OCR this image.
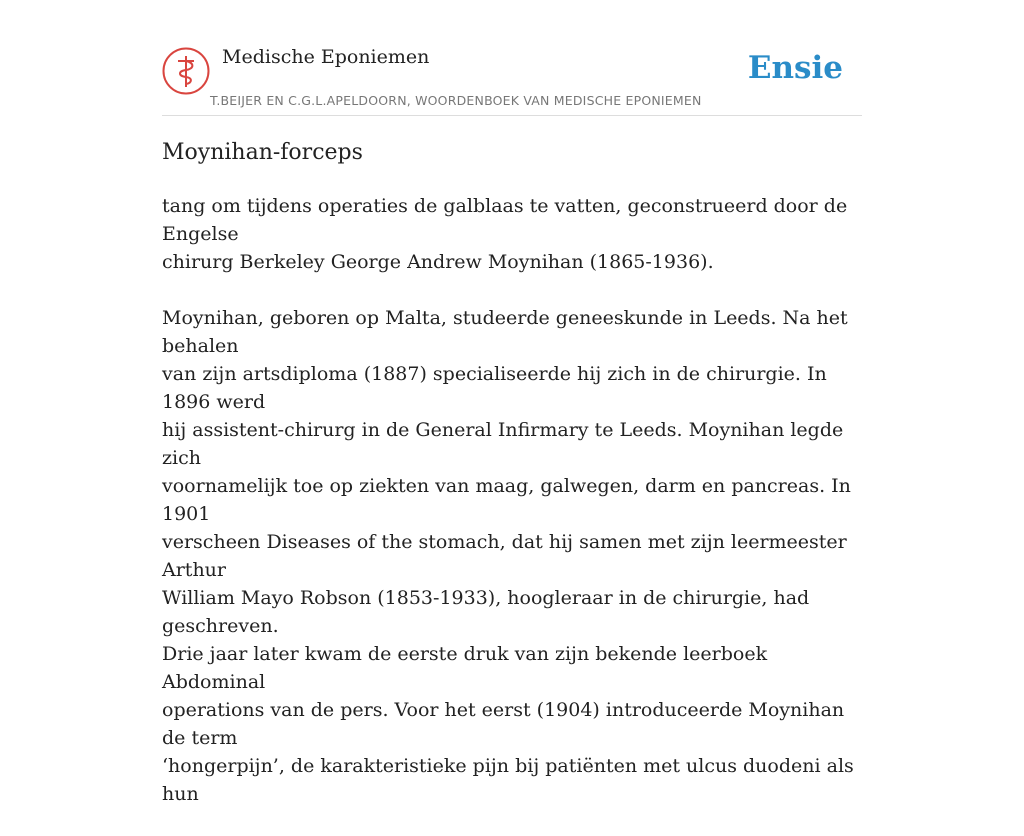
Medische Eponiemen
T.BEIJER EN C.G.L.APELDOORN, WOORDENBOEK VAN MEDISCHE EPONIEMEN
Ensie
Moynihan-forceps

tang om tijdens operaties de galblaas te vatten, geconstrueerd door de Engelse
chirurg Berkeley George Andrew Moynihan (1865-1936).

Moynihan, geboren op Malta, studeerde geneeskunde in Leeds. Na het behalen
van zijn artsdiploma (1887) specialiseerde hij zich in de chirurgie. In 1896 werd
hij assistent-chirurg in de General Infirmary te Leeds. Moynihan legde zich
voornamelijk toe op ziekten van maag, galwegen, darm en pancreas. In 1901
verscheen Diseases of the stomach, dat hij samen met zijn leermeester Arthur
William Mayo Robson (1853-1933), hoogleraar in de chirurgie, had geschreven.
Drie jaar later kwam de eerste druk van zijn bekende leerboek Abdominal
operations van de pers. Voor het eerst (1904) introduceerde Moynihan de term
‘hongerpijn’, de karakteristieke pijn bij patiënten met ulcus duodeni als hun
